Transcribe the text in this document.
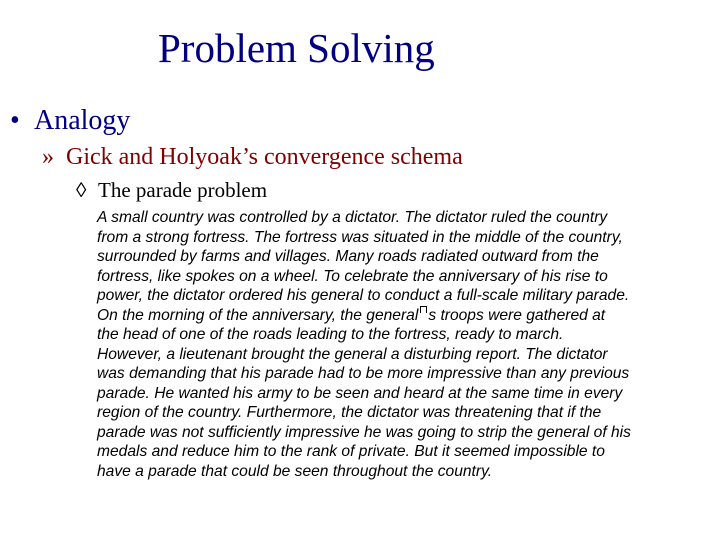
Problem Solving
• Analogy
» Gick and Holyoak’s convergence schema
◊ The parade problem
A small country was controlled by a dictator. The dictator ruled the country
from a strong fortress. The fortress was situated in the middle of the country,
surrounded by farms and villages. Many roads radiated outward from the
fortress, like spokes on a wheel. To celebrate the anniversary of his rise to
power, the dictator ordered his general to conduct a full-scale military parade.
On the morning of the anniversary, the general s troops were gathered at
the head of one of the roads leading to the fortress, ready to march.
However, a lieutenant brought the general a disturbing report. The dictator
was demanding that his parade had to be more impressive than any previous
parade. He wanted his army to be seen and heard at the same time in every
region of the country. Furthermore, the dictator was threatening that if the
parade was not sufficiently impressive he was going to strip the general of his
medals and reduce him to the rank of private. But it seemed impossible to
have a parade that could be seen throughout the country.
